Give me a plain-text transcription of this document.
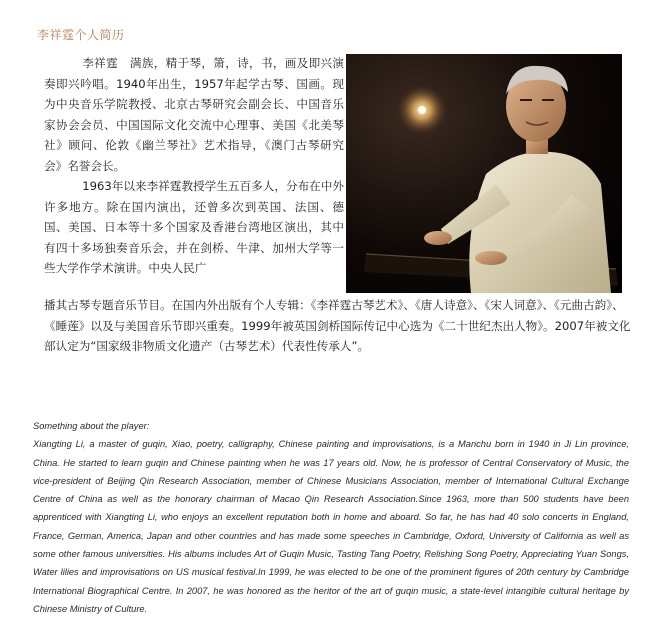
李祥霆个人简历

李祥霆　满族，精于琴，箫，诗，书，画及即兴演奏即兴吟唱。1940年出生，1957年起学古琴、国画。现为中央音乐学院教授、北京古琴研究会副会长、中国音乐家协会会员、中国国际文化交流中心理事、美国《北美琴社》顾问、伦敦《幽兰琴社》艺术指导，《澳门古琴研究会》名誉会长。

1963年以来李祥霆教授学生五百多人，分布在中外许多地方。除在国内演出，还曾多次到英国、法国、德国、美国、日本等十多个国家及香港台湾地区演出，其中有四十多场独奏音乐会，并在剑桥、牛津、加州大学等一些大学作学术演讲。中央人民广

播其古琴专题音乐节目。在国内外出版有个人专辑：《李祥霆古琴艺术》、《唐人诗意》、《宋人词意》、《元曲古韵》、《睡莲》以及与美国音乐节即兴重奏。1999年被英国剑桥国际传记中心选为《二十世纪杰出人物》。2007年被文化部认定为“国家级非物质文化遗产（古琴艺术）代表性传承人”。
Something about the player:
Xiangting Li, a master of guqin, Xiao, poetry, calligraphy, Chinese painting and improvisations, is a Manchu born in 1940 in Ji Lin province, China. He started to learn guqin and Chinese painting when he was 17 years old. Now, he is professor of Central Conservatory of Music, the vice-president of Beijing Qin Research Association, member of Chinese Musicians Association, member of International Cultural Exchange Centre of China as well as the honorary chairman of Macao Qin Research Association.Since 1963, more than 500 students have been apprenticed with Xiangting Li, who enjoys an excellent reputation both in home and aboard. So far, he has had 40 solo concerts in England, France, German, America, Japan and other countries and has made some speeches in Cambridge, Oxford, University of California as well as some other famous universities. His albums includes Art of Guqin Music, Tasting Tang Poetry, Relishing Song Poetry, Appreciating Yuan Songs, Water lilies and improvisations on US musical festival.In 1999, he was elected to be one of the prominent figures of 20th century by Cambridge International Biographical Centre. In 2007, he was honored as the heritor of the art of guqin music, a state-level intangible cultural heritage by Chinese Ministry of Culture.
